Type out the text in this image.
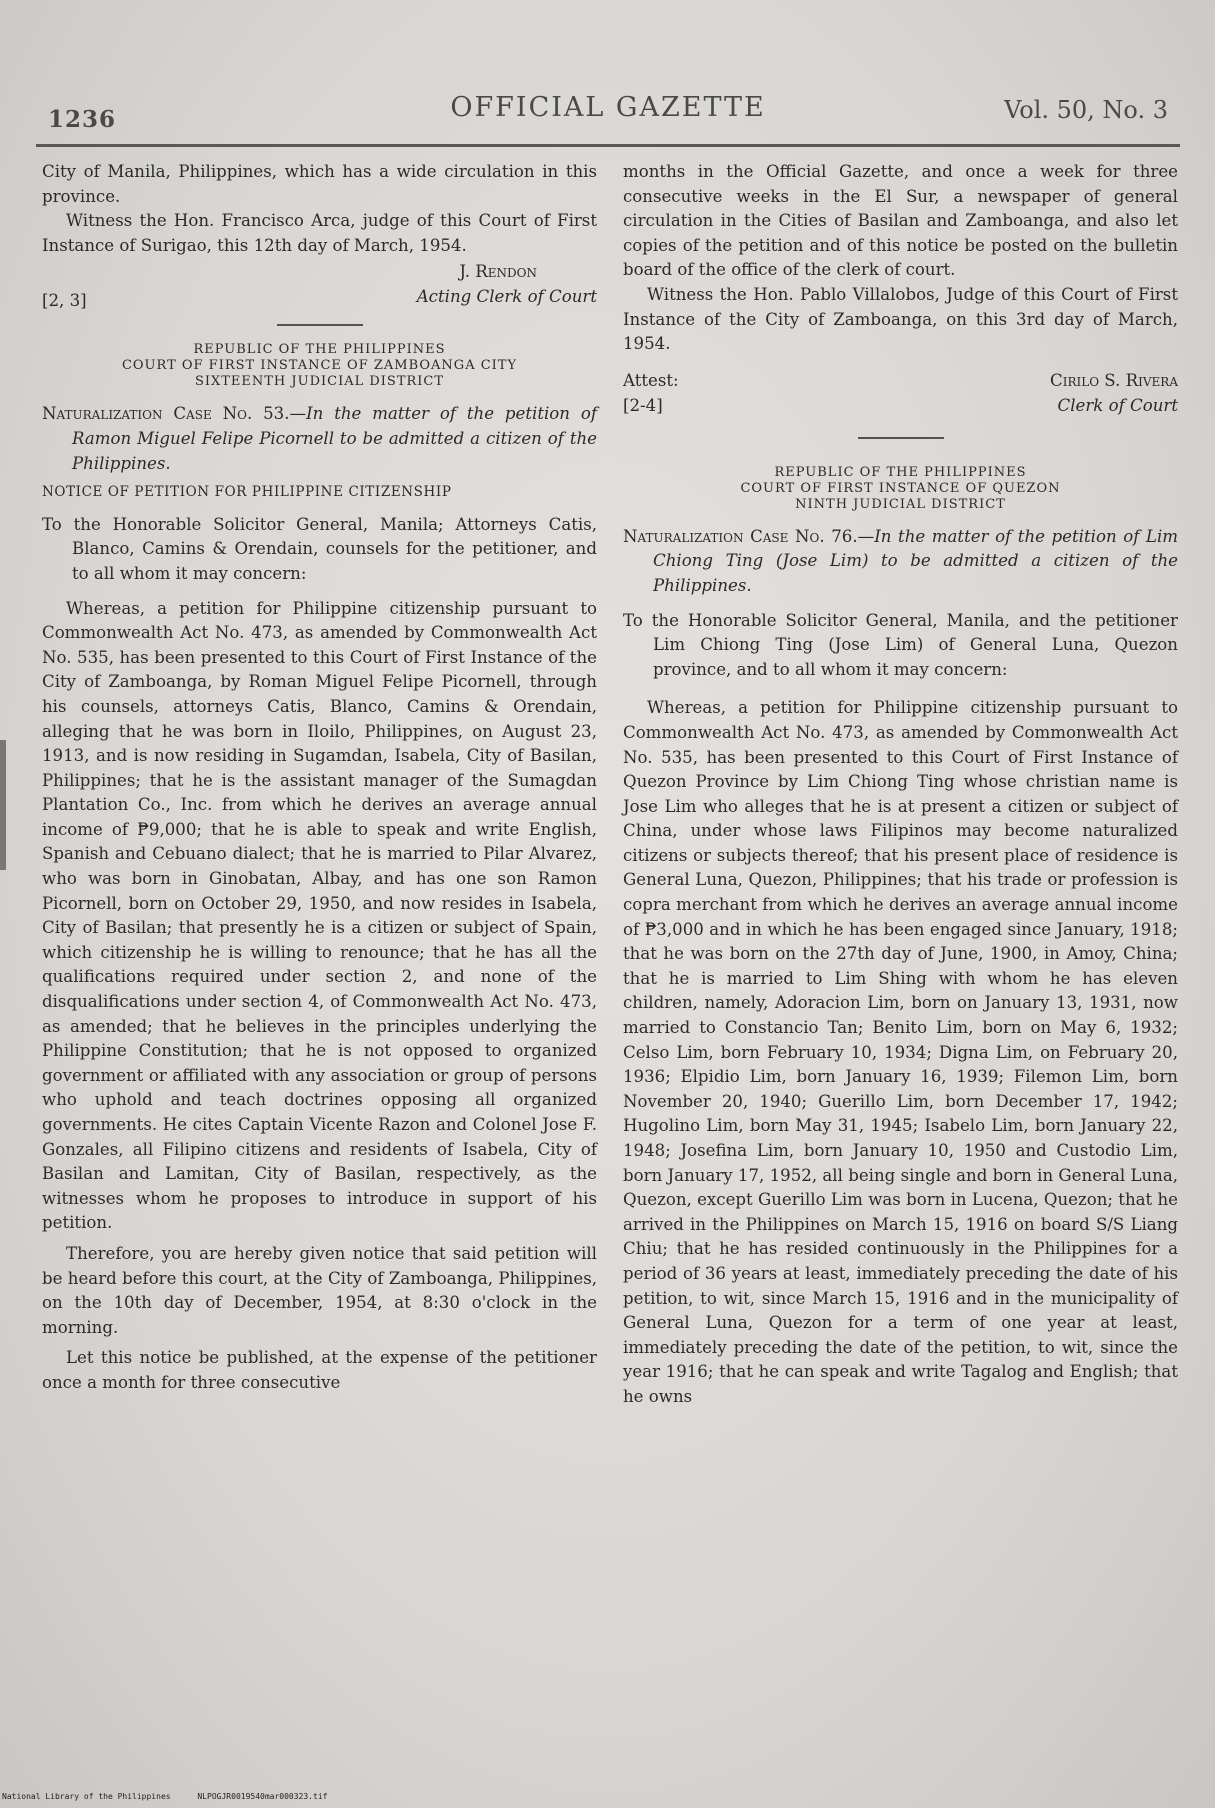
1236	OFFICIAL GAZETTE	Vol. 50, No. 3

City of Manila, Philippines, which has a wide circulation in this province.

Witness the Hon. Francisco Arca, judge of this Court of First Instance of Surigao, this 12th day of March, 1954.

J. Rendon
[2, 3]	Acting Clerk of Court
REPUBLIC OF THE PHILIPPINES
COURT OF FIRST INSTANCE OF ZAMBOANGA CITY
SIXTEENTH JUDICIAL DISTRICT

Naturalization Case No. 53.—In the matter of the petition of Ramon Miguel Felipe Picornell to be admitted a citizen of the Philippines.

NOTICE OF PETITION FOR PHILIPPINE CITIZENSHIP

To the Honorable Solicitor General, Manila; Attorneys Catis, Blanco, Camins & Orendain, counsels for the petitioner, and to all whom it may concern:

Whereas, a petition for Philippine citizenship pursuant to Commonwealth Act No. 473, as amended by Commonwealth Act No. 535, has been presented to this Court of First Instance of the City of Zamboanga, by Roman Miguel Felipe Picornell, through his counsels, attorneys Catis, Blanco, Camins & Orendain, alleging that he was born in Iloilo, Philippines, on August 23, 1913, and is now residing in Sugamdan, Isabela, City of Basilan, Philippines; that he is the assistant manager of the Sumagdan Plantation Co., Inc. from which he derives an average annual income of ₱9,000; that he is able to speak and write English, Spanish and Cebuano dialect; that he is married to Pilar Alvarez, who was born in Ginobatan, Albay, and has one son Ramon Picornell, born on October 29, 1950, and now resides in Isabela, City of Basilan; that presently he is a citizen or subject of Spain, which citizenship he is willing to renounce; that he has all the qualifications required under section 2, and none of the disqualifications under section 4, of Commonwealth Act No. 473, as amended; that he believes in the principles underlying the Philippine Constitution; that he is not opposed to organized government or affiliated with any association or group of persons who uphold and teach doctrines opposing all organized governments. He cites Captain Vicente Razon and Colonel Jose F. Gonzales, all Filipino citizens and residents of Isabela, City of Basilan and Lamitan, City of Basilan, respectively, as the witnesses whom he proposes to introduce in support of his petition.

Therefore, you are hereby given notice that said petition will be heard before this court, at the City of Zamboanga, Philippines, on the 10th day of December, 1954, at 8:30 o'clock in the morning.

Let this notice be published, at the expense of the petitioner once a month for three consecutive

months in the Official Gazette, and once a week for three consecutive weeks in the El Sur, a newspaper of general circulation in the Cities of Basilan and Zamboanga, and also let copies of the petition and of this notice be posted on the bulletin board of the office of the clerk of court.

Witness the Hon. Pablo Villalobos, Judge of this Court of First Instance of the City of Zamboanga, on this 3rd day of March, 1954.

Attest:	Cirilo S. Rivera
[2-4]	Clerk of Court
REPUBLIC OF THE PHILIPPINES
COURT OF FIRST INSTANCE OF QUEZON
NINTH JUDICIAL DISTRICT

Naturalization Case No. 76.—In the matter of the petition of Lim Chiong Ting (Jose Lim) to be admitted a citizen of the Philippines.

To the Honorable Solicitor General, Manila, and the petitioner Lim Chiong Ting (Jose Lim) of General Luna, Quezon province, and to all whom it may concern:

Whereas, a petition for Philippine citizenship pursuant to Commonwealth Act No. 473, as amended by Commonwealth Act No. 535, has been presented to this Court of First Instance of Quezon Province by Lim Chiong Ting whose christian name is Jose Lim who alleges that he is at present a citizen or subject of China, under whose laws Filipinos may become naturalized citizens or subjects thereof; that his present place of residence is General Luna, Quezon, Philippines; that his trade or profession is copra merchant from which he derives an average annual income of ₱3,000 and in which he has been engaged since January, 1918; that he was born on the 27th day of June, 1900, in Amoy, China; that he is married to Lim Shing with whom he has eleven children, namely, Adoracion Lim, born on January 13, 1931, now married to Constancio Tan; Benito Lim, born on May 6, 1932; Celso Lim, born February 10, 1934; Digna Lim, on February 20, 1936; Elpidio Lim, born January 16, 1939; Filemon Lim, born November 20, 1940; Guerillo Lim, born December 17, 1942; Hugolino Lim, born May 31, 1945; Isabelo Lim, born January 22, 1948; Josefina Lim, born January 10, 1950 and Custodio Lim, born January 17, 1952, all being single and born in General Luna, Quezon, except Guerillo Lim was born in Lucena, Quezon; that he arrived in the Philippines on March 15, 1916 on board S/S Liang Chiu; that he has resided continuously in the Philippines for a period of 36 years at least, immediately preceding the date of his petition, to wit, since March 15, 1916 and in the municipality of General Luna, Quezon for a term of one year at least, immediately preceding the date of the petition, to wit, since the year 1916; that he can speak and write Tagalog and English; that he owns

National Library of the Philippines	NLPOGJR0019540mar000323.tif
